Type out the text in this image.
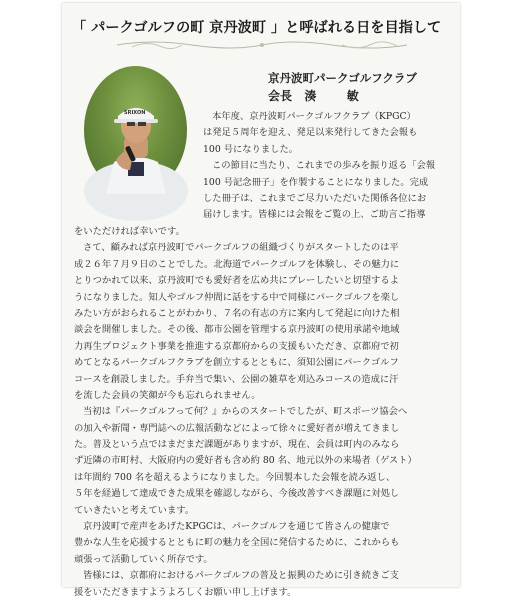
「 パークゴルフの町 京丹波町 」と呼ばれる日を目指して
SRIXON
京丹波町パークゴルフクラブ
会長 湊	敏
本年度、京丹波町パークゴルフクラブ（KPGC）
は発足５周年を迎え、発足以来発行してきた会報も
100 号になりました。
この節目に当たり、これまでの歩みを振り返る「会報
100 号記念冊子」を作製することになりました。完成
した冊子は、これまでご尽力いただいた関係各位にお
届けします。皆様には会報をご覧の上、ご助言ご指導
をいただければ幸いです。
さて、顧みれば京丹波町でパークゴルフの組織づくりがスタートしたのは平
成２６年７月９日のことでした。北海道でパークゴルフを体験し、その魅力に
とりつかれて以来、京丹波町でも愛好者を広め共にプレーしたいと切望するよ
うになりました。知人やゴルフ仲間に話をする中で同様にパークゴルフを楽し
みたい方がおられることがわかり、７名の有志の方に案内して発起に向けた相
談会を開催しました。その後、都市公園を管理する京丹波町の使用承諾や地域
力再生プロジェクト事業を推進する京都府からの支援もいただき、京都府で初
めてとなるパークゴルフクラブを創立するとともに、須知公園にパークゴルフ
コースを創設しました。手弁当で集い、公園の雑草を刈込みコースの造成に汗
を流した会員の笑顔が今も忘れられません。
当初は『パークゴルフって何？』からのスタートでしたが、町スポーツ協会へ
の加入や新聞・専門誌への広報活動などによって徐々に愛好者が増えてきまし
た。普及という点ではまだまだ課題がありますが、現在、会員は町内のみなら
ず近隣の市町村、大阪府内の愛好者も含め約 80 名、地元以外の来場者（ゲスト）
は年間約 700 名を超えるようになりました。今回製本した会報を読み返し、
５年を経過して達成できた成果を確認しながら、今後改善すべき課題に対処し
ていきたいと考えています。
京丹波町で産声をあげたKPGCは、パークゴルフを通じて皆さんの健康で
豊かな人生を応援するとともに町の魅力を全国に発信するために、これからも
頑張って活動していく所存です。
皆様には、京都府におけるパークゴルフの普及と振興のために引き続きご支
援をいただきますようよろしくお願い申し上げます。
